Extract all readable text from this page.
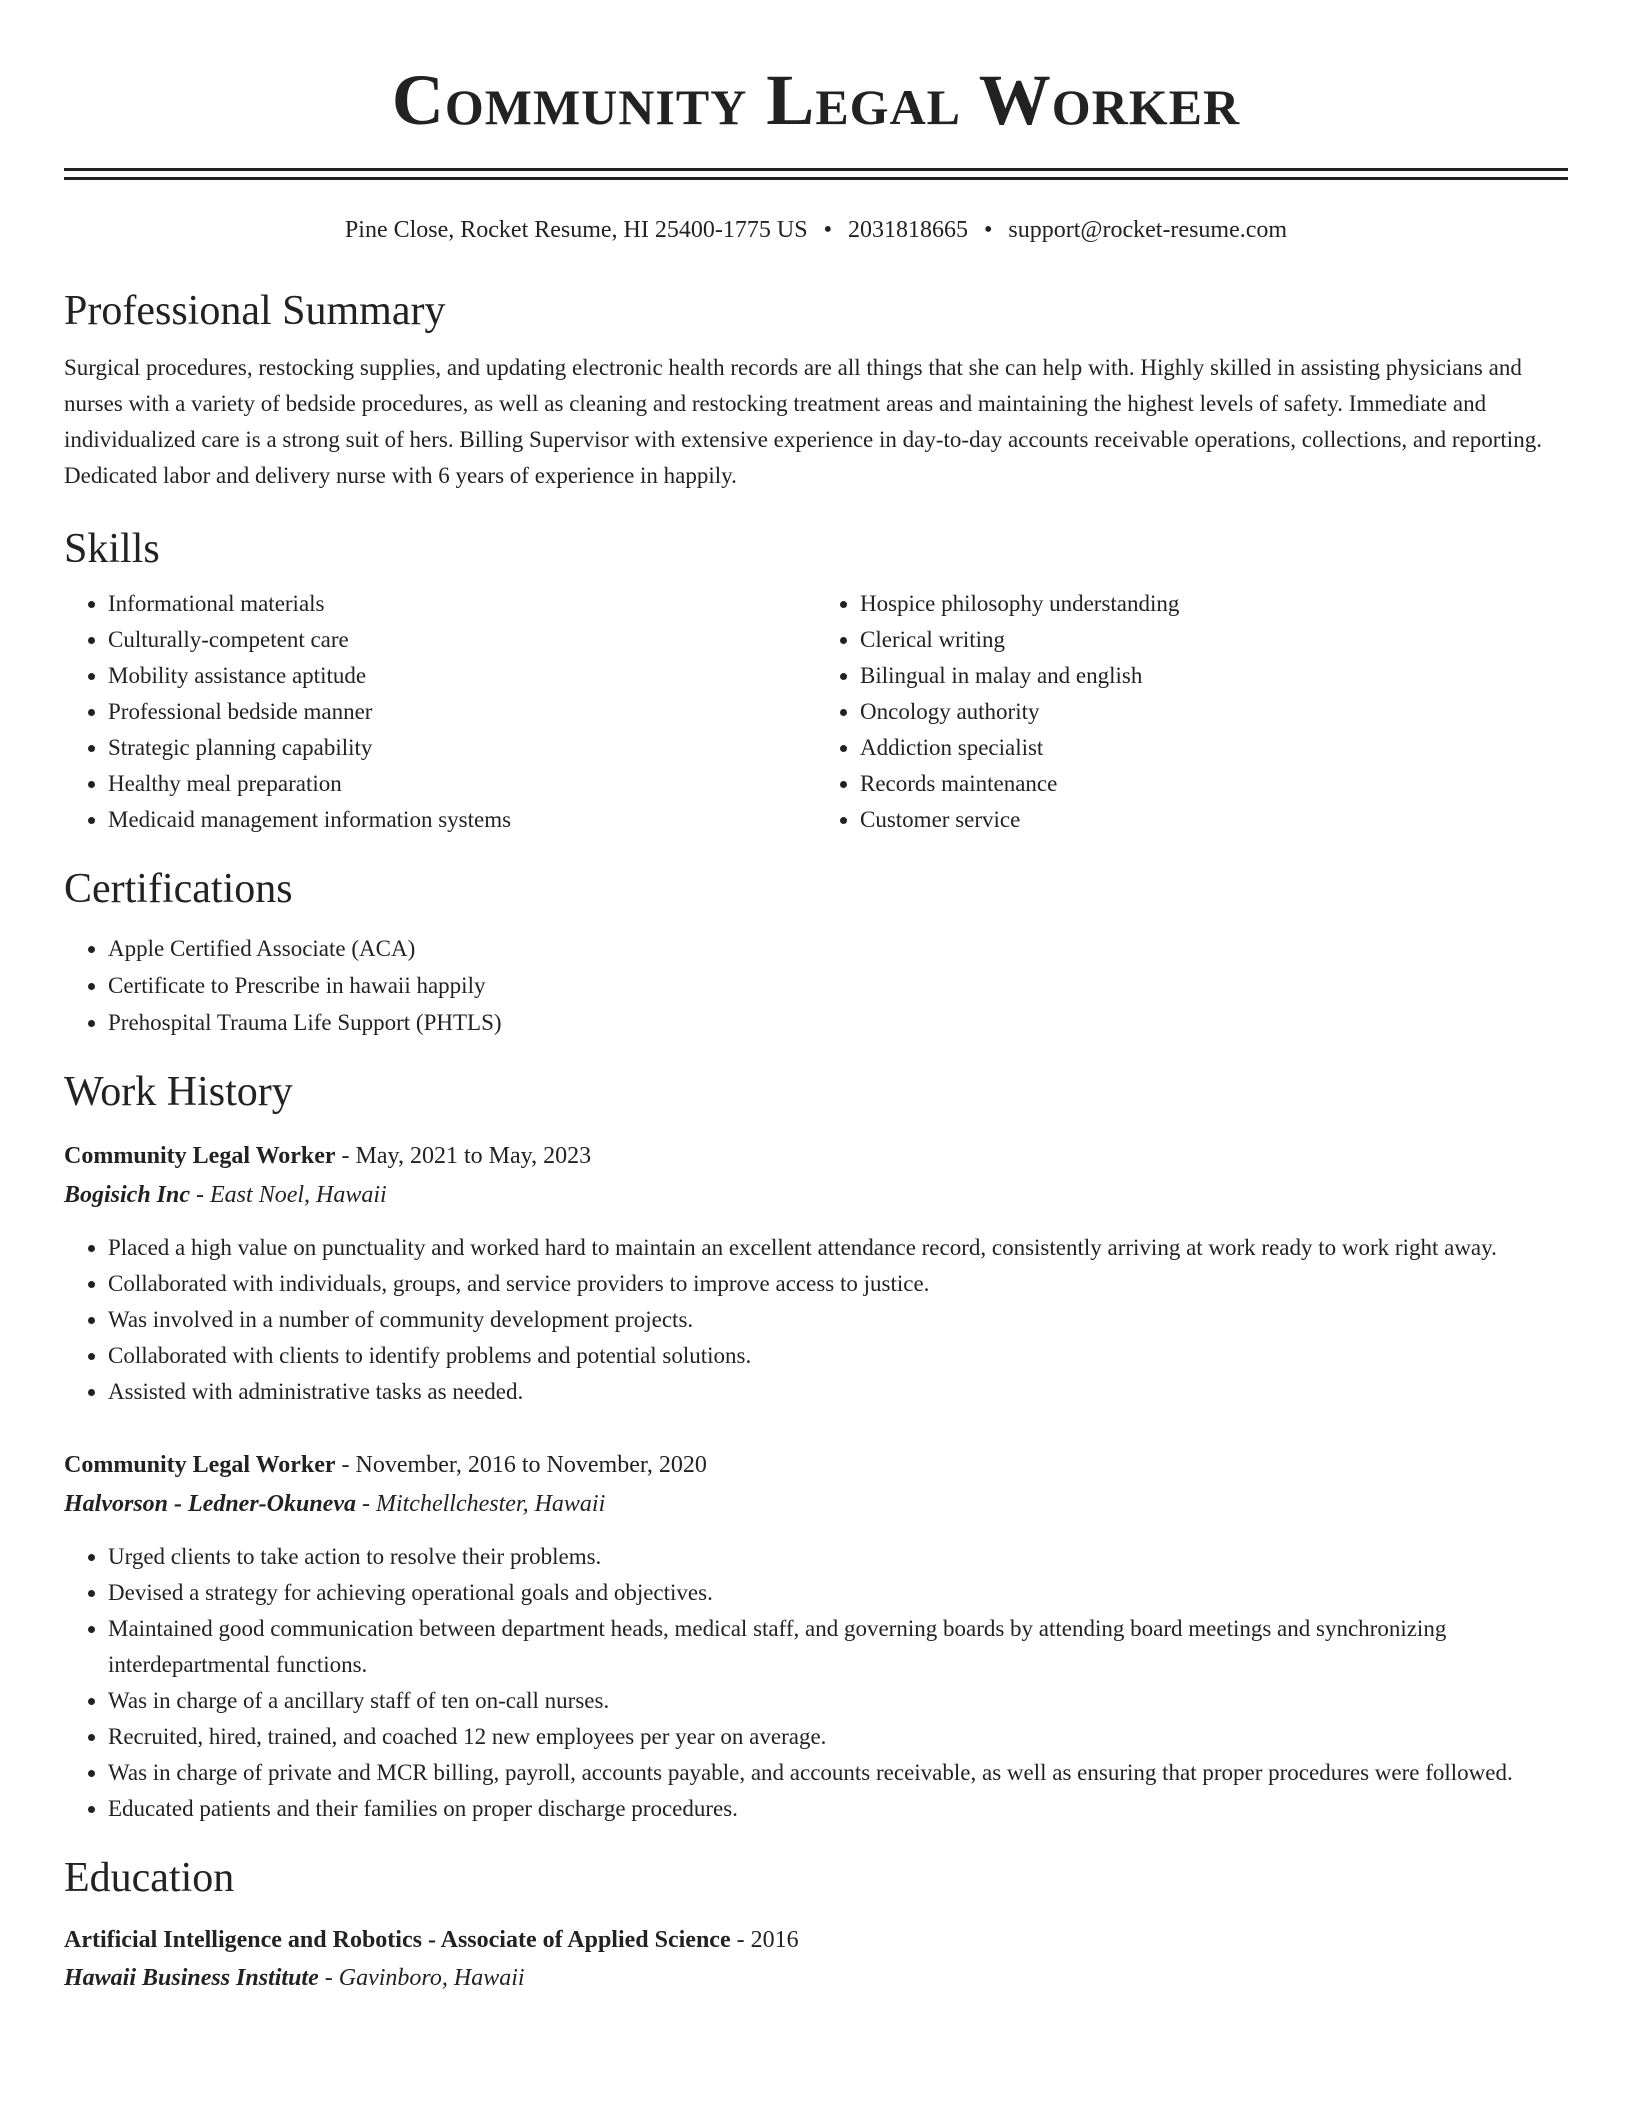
Community Legal Worker
Pine Close, Rocket Resume, HI 25400-1775 US • 2031818665 • support@rocket-resume.com
Professional Summary

Surgical procedures, restocking supplies, and updating electronic health records are all things that she can help with. Highly skilled in assisting physicians and nurses with a variety of bedside procedures, as well as cleaning and restocking treatment areas and maintaining the highest levels of safety. Immediate and individualized care is a strong suit of hers. Billing Supervisor with extensive experience in day-to-day accounts receivable operations, collections, and reporting. Dedicated labor and delivery nurse with 6 years of experience in happily.

Skills
• Informational materials
• Culturally-competent care
• Mobility assistance aptitude
• Professional bedside manner
• Strategic planning capability
• Healthy meal preparation
• Medicaid management information systems
• Hospice philosophy understanding
• Clerical writing
• Bilingual in malay and english
• Oncology authority
• Addiction specialist
• Records maintenance
• Customer service
Certifications
• Apple Certified Associate (ACA)
• Certificate to Prescribe in hawaii happily
• Prehospital Trauma Life Support (PHTLS)
Work History
Community Legal Worker - May, 2021 to May, 2023
Bogisich Inc - East Noel, Hawaii
• Placed a high value on punctuality and worked hard to maintain an excellent attendance record, consistently arriving at work ready to work right away.
• Collaborated with individuals, groups, and service providers to improve access to justice.
• Was involved in a number of community development projects.
• Collaborated with clients to identify problems and potential solutions.
• Assisted with administrative tasks as needed.
Community Legal Worker - November, 2016 to November, 2020
Halvorson - Ledner-Okuneva - Mitchellchester, Hawaii
• Urged clients to take action to resolve their problems.
• Devised a strategy for achieving operational goals and objectives.
• Maintained good communication between department heads, medical staff, and governing boards by attending board meetings and synchronizing interdepartmental functions.
• Was in charge of a ancillary staff of ten on-call nurses.
• Recruited, hired, trained, and coached 12 new employees per year on average.
• Was in charge of private and MCR billing, payroll, accounts payable, and accounts receivable, as well as ensuring that proper procedures were followed.
• Educated patients and their families on proper discharge procedures.
Education
Artificial Intelligence and Robotics - Associate of Applied Science - 2016
Hawaii Business Institute - Gavinboro, Hawaii
